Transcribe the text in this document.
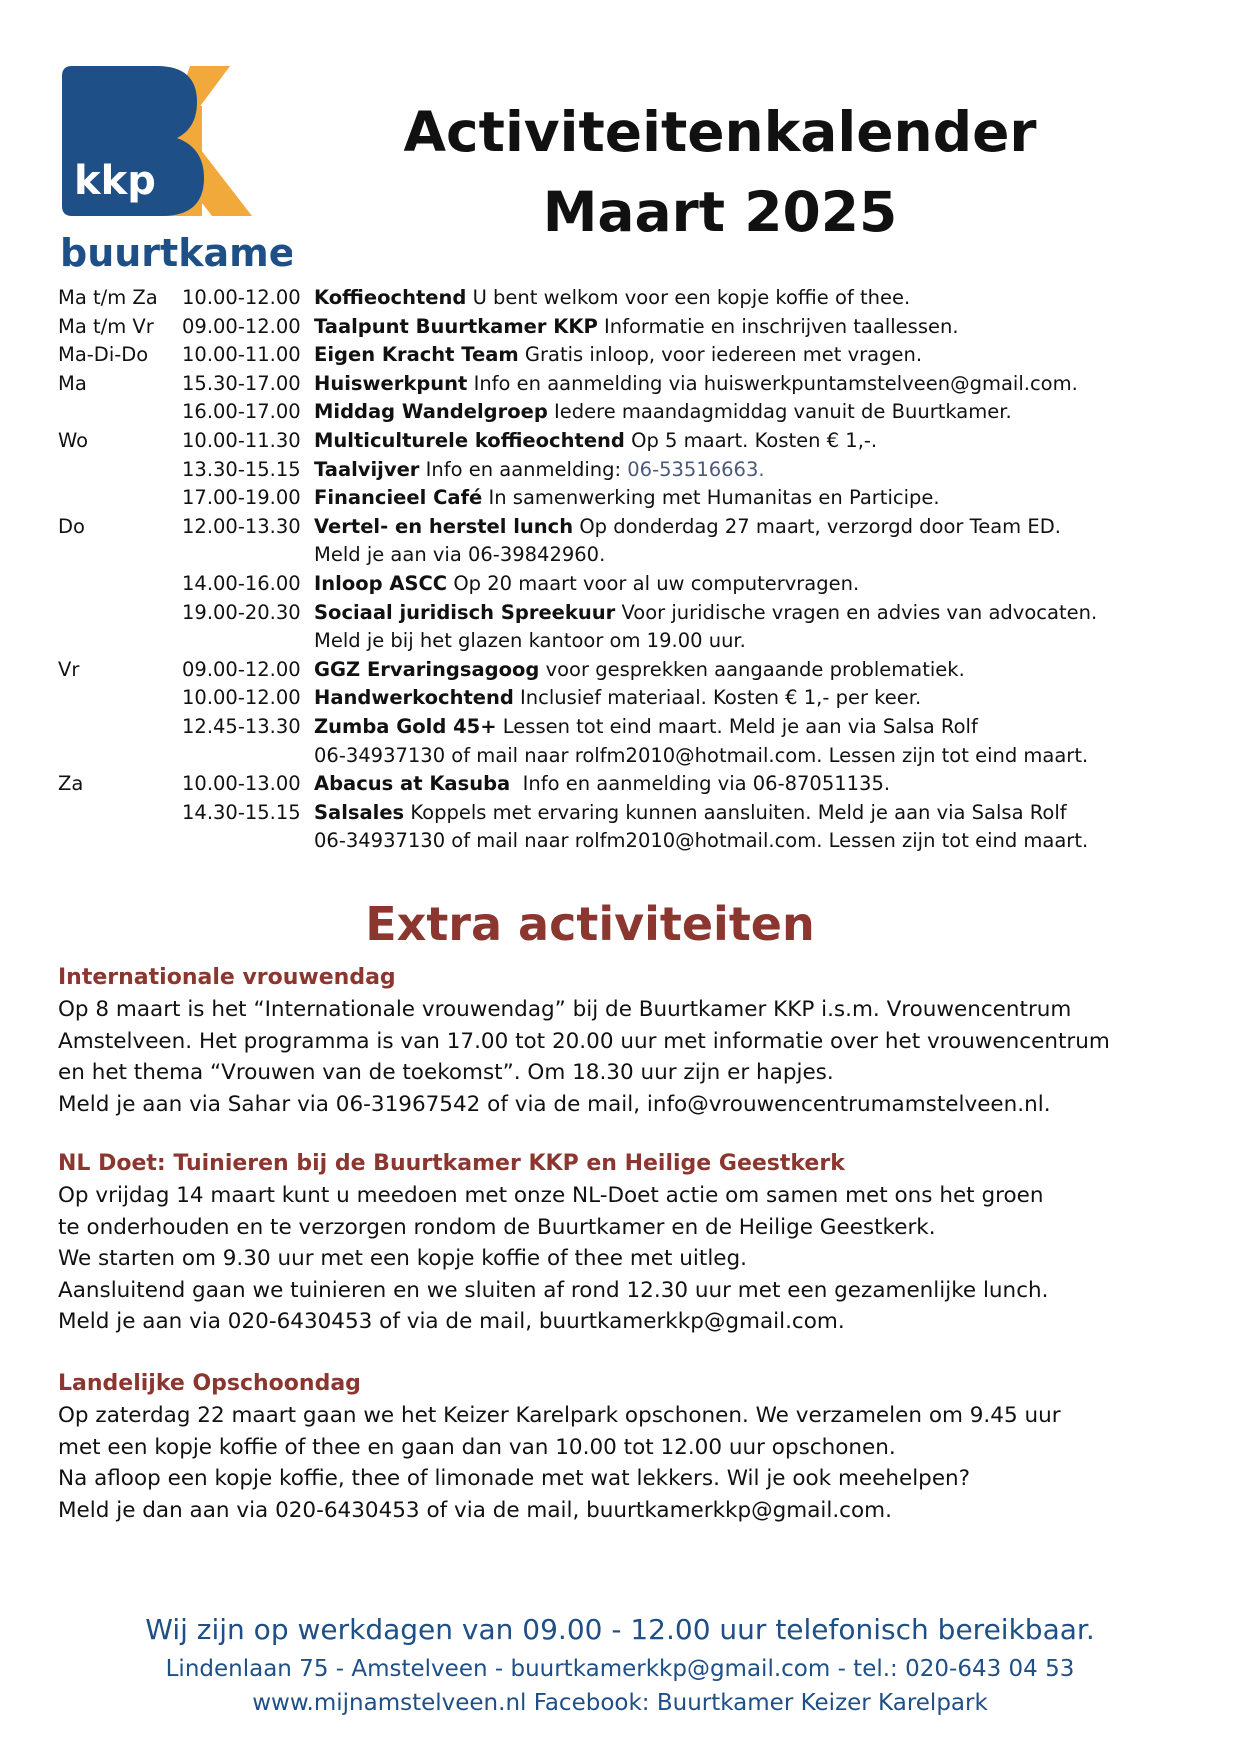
kkp
buurtkamer
Activiteitenkalender
Maart 2025
Ma t/m Za 10.00-12.00 Koffieochtend U bent welkom voor een kopje koffie of thee.
Ma t/m Vr 09.00-12.00 Taalpunt Buurtkamer KKP Informatie en inschrijven taallessen.
Ma-Di-Do 10.00-11.00 Eigen Kracht Team Gratis inloop, voor iedereen met vragen.
Ma	15.30-17.00 Huiswerkpunt Info en aanmelding via huiswerkpuntamstelveen@gmail.com.
16.00-17.00 Middag Wandelgroep Iedere maandagmiddag vanuit de Buurtkamer.
Wo	10.00-11.30 Multiculturele koffieochtend Op 5 maart. Kosten € 1,-.
13.30-15.15 Taalvijver Info en aanmelding: 06-53516663.
17.00-19.00 Financieel Café In samenwerking met Humanitas en Participe.
Do	12.00-13.30 Vertel- en herstel lunch Op donderdag 27 maart, verzorgd door Team ED.
Meld je aan via 06-39842960.
14.00-16.00 Inloop ASCC Op 20 maart voor al uw computervragen.
19.00-20.30 Sociaal juridisch Spreekuur Voor juridische vragen en advies van advocaten.
Meld je bij het glazen kantoor om 19.00 uur.
Vr	09.00-12.00 GGZ Ervaringsagoog voor gesprekken aangaande problematiek.
10.00-12.00 Handwerkochtend Inclusief materiaal. Kosten € 1,- per keer.
12.45-13.30 Zumba Gold 45+ Lessen tot eind maart. Meld je aan via Salsa Rolf
06-34937130 of mail naar rolfm2010@hotmail.com. Lessen zijn tot eind maart.
Za	10.00-13.00 Abacus at Kasuba  Info en aanmelding via 06-87051135.
14.30-15.15 Salsales Koppels met ervaring kunnen aansluiten. Meld je aan via Salsa Rolf
06-34937130 of mail naar rolfm2010@hotmail.com. Lessen zijn tot eind maart.
Extra activiteiten
Internationale vrouwendag

Op 8 maart is het “Internationale vrouwendag” bij de Buurtkamer KKP i.s.m. Vrouwencentrum

Amstelveen. Het programma is van 17.00 tot 20.00 uur met informatie over het vrouwencentrum

en het thema “Vrouwen van de toekomst”. Om 18.30 uur zijn er hapjes.

Meld je aan via Sahar via 06-31967542 of via de mail, info@vrouwencentrumamstelveen.nl.

NL Doet: Tuinieren bij de Buurtkamer KKP en Heilige Geestkerk

Op vrijdag 14 maart kunt u meedoen met onze NL-Doet actie om samen met ons het groen

te onderhouden en te verzorgen rondom de Buurtkamer en de Heilige Geestkerk.

We starten om 9.30 uur met een kopje koffie of thee met uitleg.

Aansluitend gaan we tuinieren en we sluiten af rond 12.30 uur met een gezamenlijke lunch.

Meld je aan via 020-6430453 of via de mail, buurtkamerkkp@gmail.com.

Landelijke Opschoondag

Op zaterdag 22 maart gaan we het Keizer Karelpark opschonen. We verzamelen om 9.45 uur

met een kopje koffie of thee en gaan dan van 10.00 tot 12.00 uur opschonen.

Na afloop een kopje koffie, thee of limonade met wat lekkers. Wil je ook meehelpen?

Meld je dan aan via 020-6430453 of via de mail, buurtkamerkkp@gmail.com.

Wij zijn op werkdagen van 09.00 - 12.00 uur telefonisch bereikbaar.
Lindenlaan 75 - Amstelveen - buurtkamerkkp@gmail.com - tel.: 020-643 04 53
www.mijnamstelveen.nl Facebook: Buurtkamer Keizer Karelpark
